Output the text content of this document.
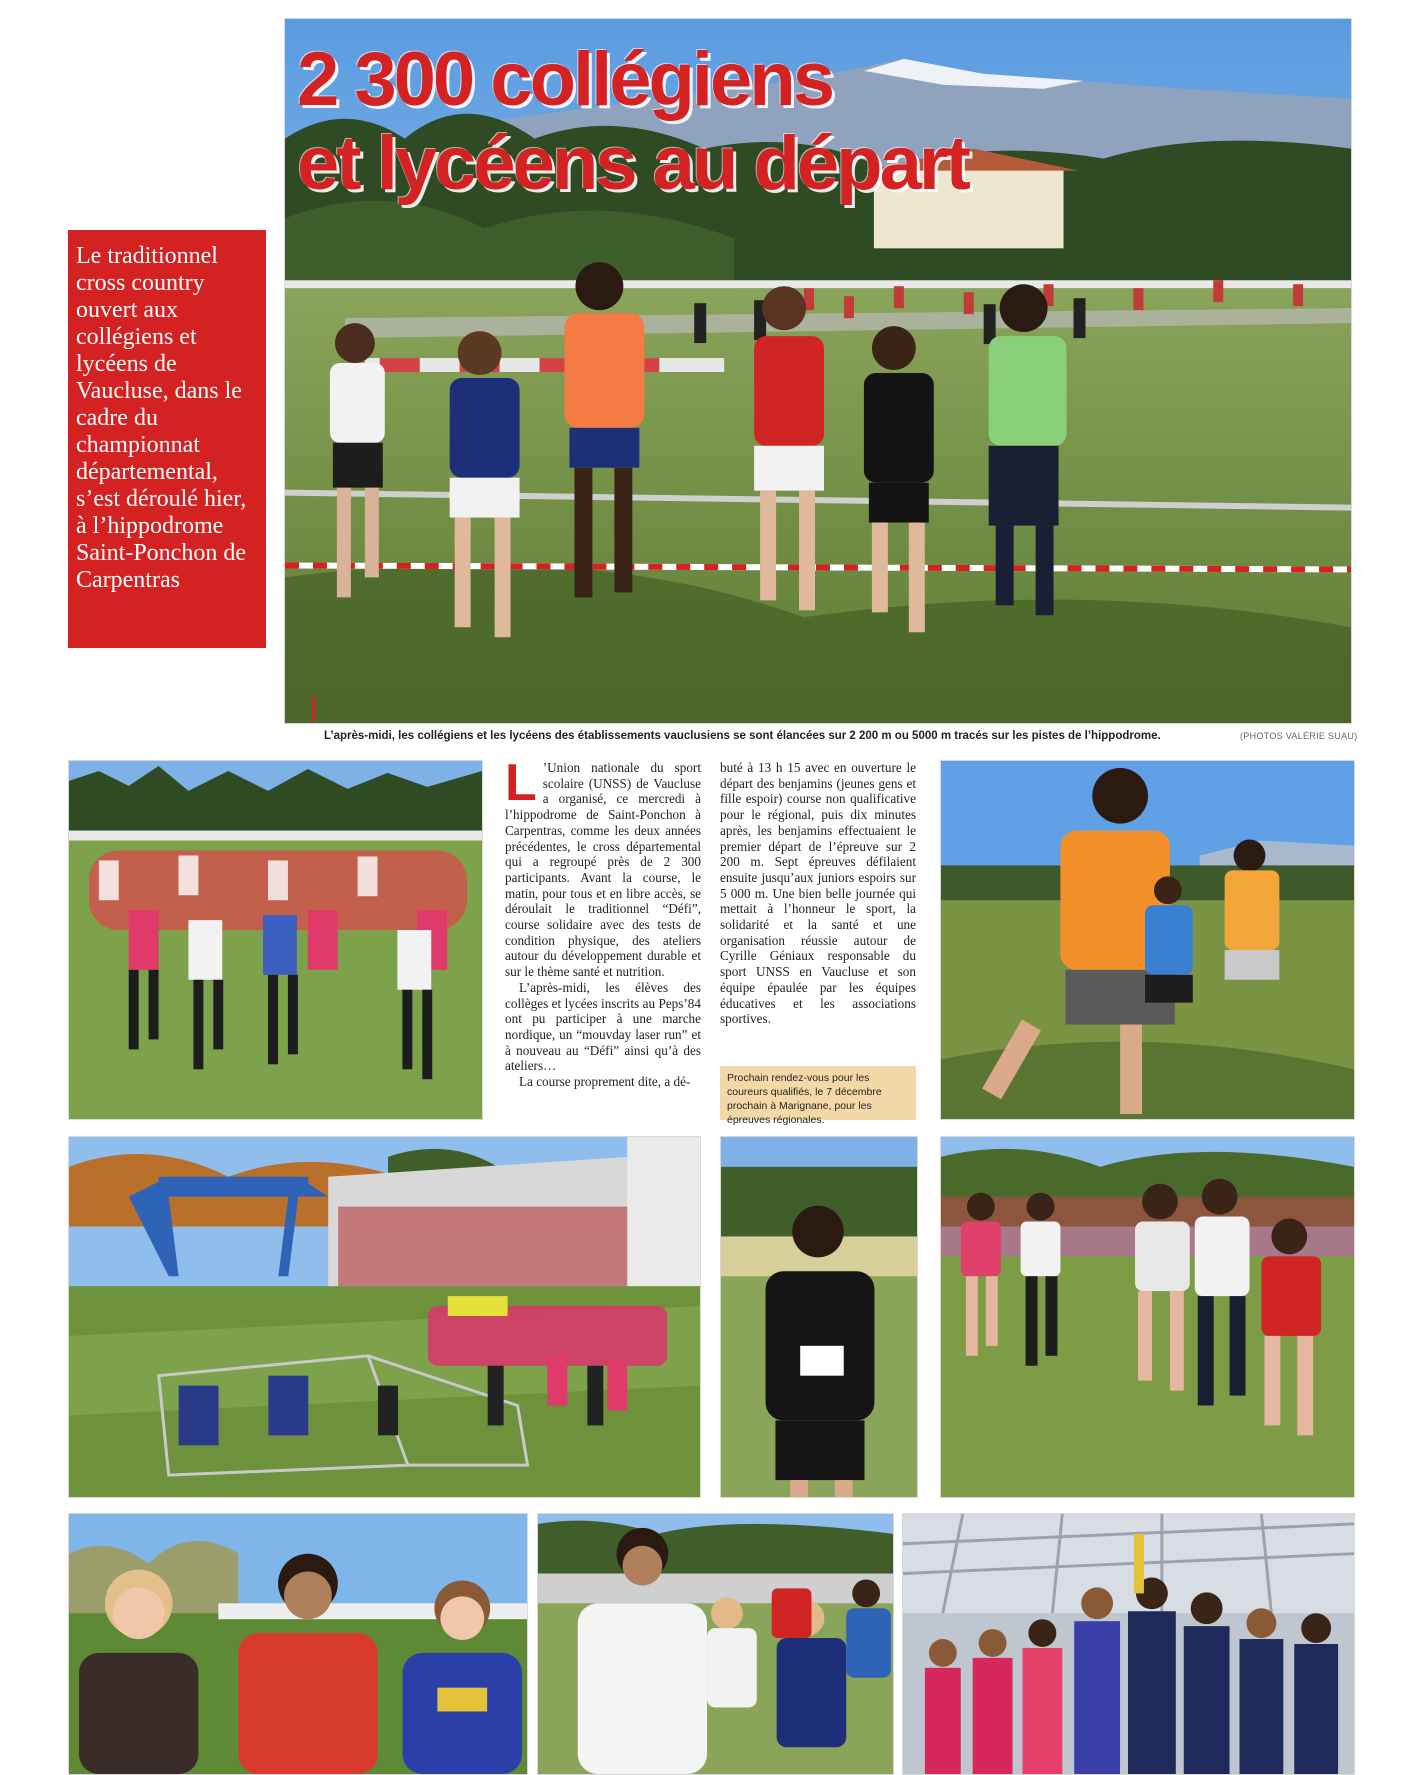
2 300 collégiens
et lycéens au départ
Le traditionnel cross country ouvert aux collégiens et lycéens de Vaucluse, dans le cadre du championnat départemental, s’est déroulé hier, à l’hippodrome Saint-Ponchon de Carpentras
L’après-midi, les collégiens et les lycéens des établissements vauclusiens se sont élancées sur 2 200 m ou 5000 m tracés sur les pistes de l’hippodrome.	(PHOTOS VALÉRIE SUAU)

L ’Union nationale du sport scolaire (UNSS) de Vaucluse a organisé, ce mercredi à l’hippodrome de Saint-Ponchon à Carpentras, comme les deux années précédentes, le cross départemental qui a regroupé près de 2 300 participants. Avant la course, le matin, pour tous et en libre accès, se déroulait le traditionnel “Défi”, course solidaire avec des tests de condition physique, des ateliers autour du développement durable et sur le thème santé et nutrition.

L’après-midi, les élèves des collèges et lycées inscrits au Peps’84 ont pu participer à une marche nordique, un “mouvday laser run” et à nouveau au “Défi” ainsi qu’à des ateliers…

La course proprement dite, a dé-

buté à 13 h 15 avec en ouverture le départ des benjamins (jeunes gens et fille espoir) course non qualificative pour le régional, puis dix minutes après, les benjamins effectuaient le premier départ de l’épreuve sur 2 200 m. Sept épreuves défilaient ensuite jusqu’aux juniors espoirs sur 5 000 m. Une bien belle journée qui mettait à l’honneur le sport, la solidarité et la santé et une organisation réussie autour de Cyrille Géniaux responsable du sport UNSS en Vaucluse et son équipe épaulée par les équipes éducatives et les associations sportives.

Prochain rendez-vous pour les coureurs qualifiés, le 7 décembre prochain à Marignane, pour les épreuves régionales.
